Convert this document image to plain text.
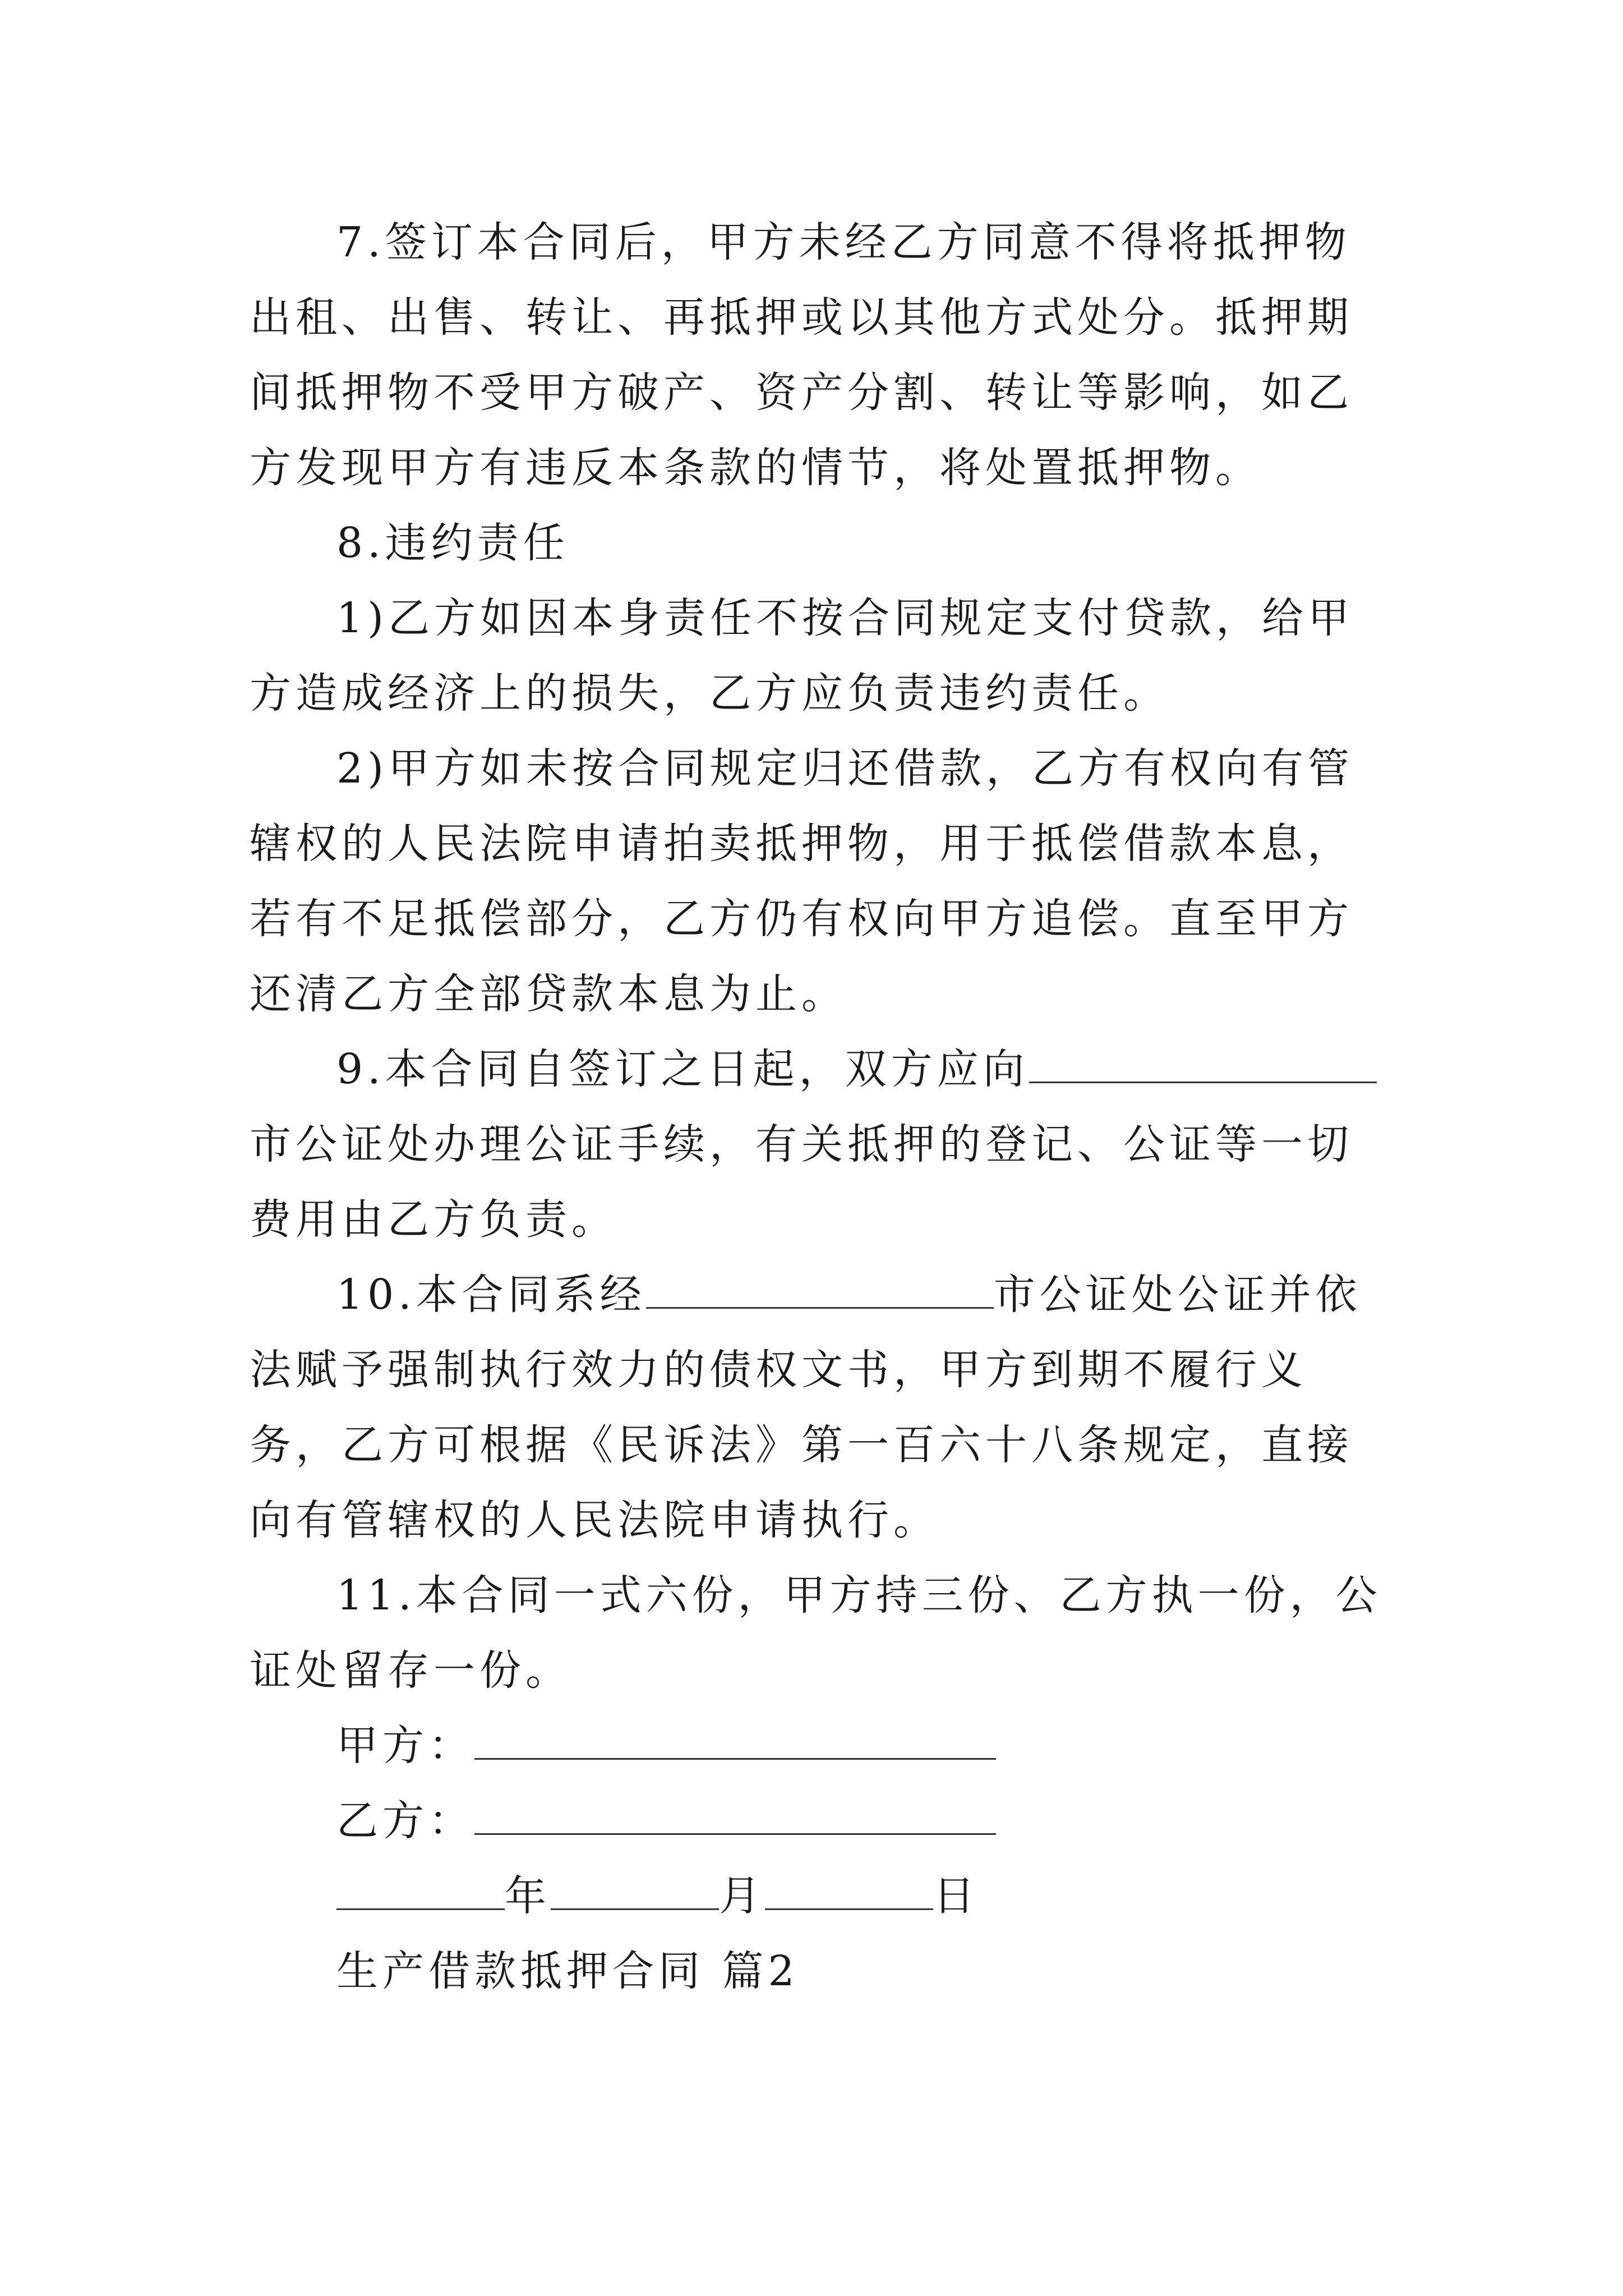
7.签订本合同后，甲方未经乙方同意不得将抵押物出租、出售、转让、再抵押或以其他方式处分。抵押期间抵押物不受甲方破产、资产分割、转让等影响，如乙方发现甲方有违反本条款的情节，将处置抵押物。

8.违约责任

1)乙方如因本身责任不按合同规定支付贷款，给甲方造成经济上的损失，乙方应负责违约责任。

2)甲方如未按合同规定归还借款，乙方有权向有管辖权的人民法院申请拍卖抵押物，用于抵偿借款本息，若有不足抵偿部分，乙方仍有权向甲方追偿。直至甲方还清乙方全部贷款本息为止。

9.本合同自签订之日起，双方应向市公证处办理公证手续，有关抵押的登记、公证等一切费用由乙方负责。

10.本合同系经	市公证处公证并依法赋予强制执行效力的债权文书，甲方到期不履行义务，乙方可根据《民诉法》第一百六十八条规定，直接向有管辖权的人民法院申请执行。

11.本合同一式六份，甲方持三份、乙方执一份，公证处留存一份。

甲方：

乙方：

年	月	日

生产借款抵押合同 篇2
